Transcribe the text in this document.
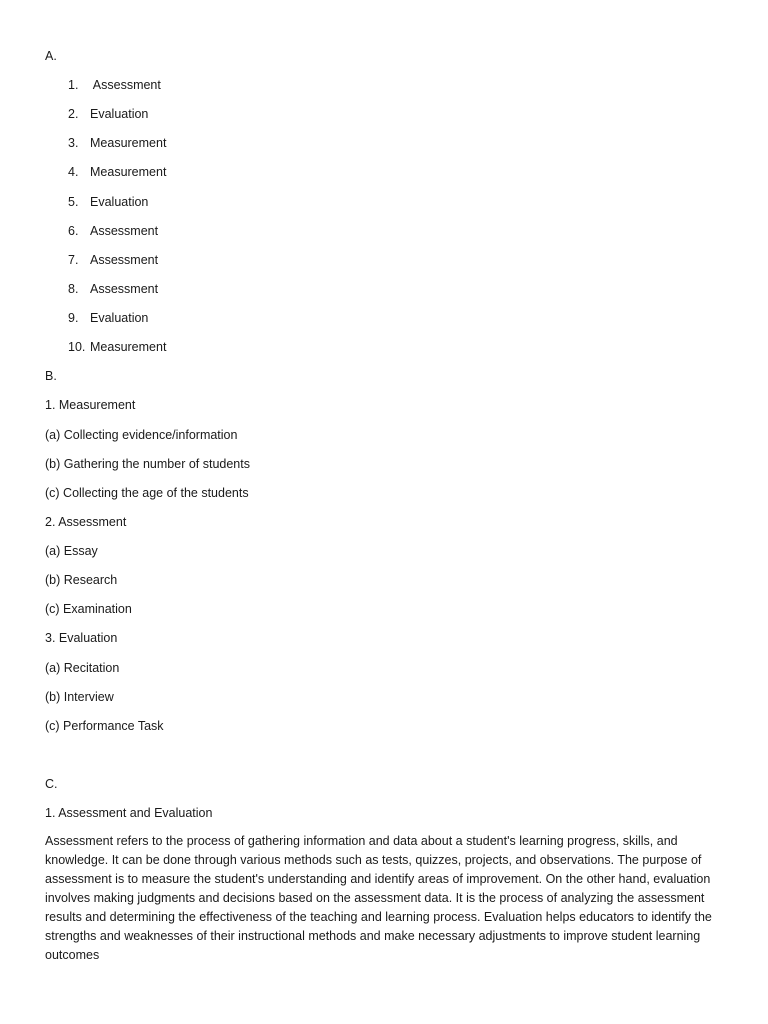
A.
1. Assessment
2. Evaluation
3. Measurement
4. Measurement
5. Evaluation
6. Assessment
7. Assessment
8. Assessment
9. Evaluation
10. Measurement
B.
1. Measurement
(a) Collecting evidence/information
(b) Gathering the number of students
(c) Collecting the age of the students
2. Assessment
(a) Essay
(b) Research
(c) Examination
3. Evaluation
(a) Recitation
(b) Interview
(c) Performance Task
C.
1. Assessment and Evaluation
Assessment refers to the process of gathering information and data about a student's learning progress, skills, and knowledge. It can be done through various methods such as tests, quizzes, projects, and observations. The purpose of assessment is to measure the student's understanding and identify areas of improvement. On the other hand, evaluation involves making judgments and decisions based on the assessment data. It is the process of analyzing the assessment results and determining the effectiveness of the teaching and learning process. Evaluation helps educators to identify the strengths and weaknesses of their instructional methods and make necessary adjustments to improve student learning outcomes
